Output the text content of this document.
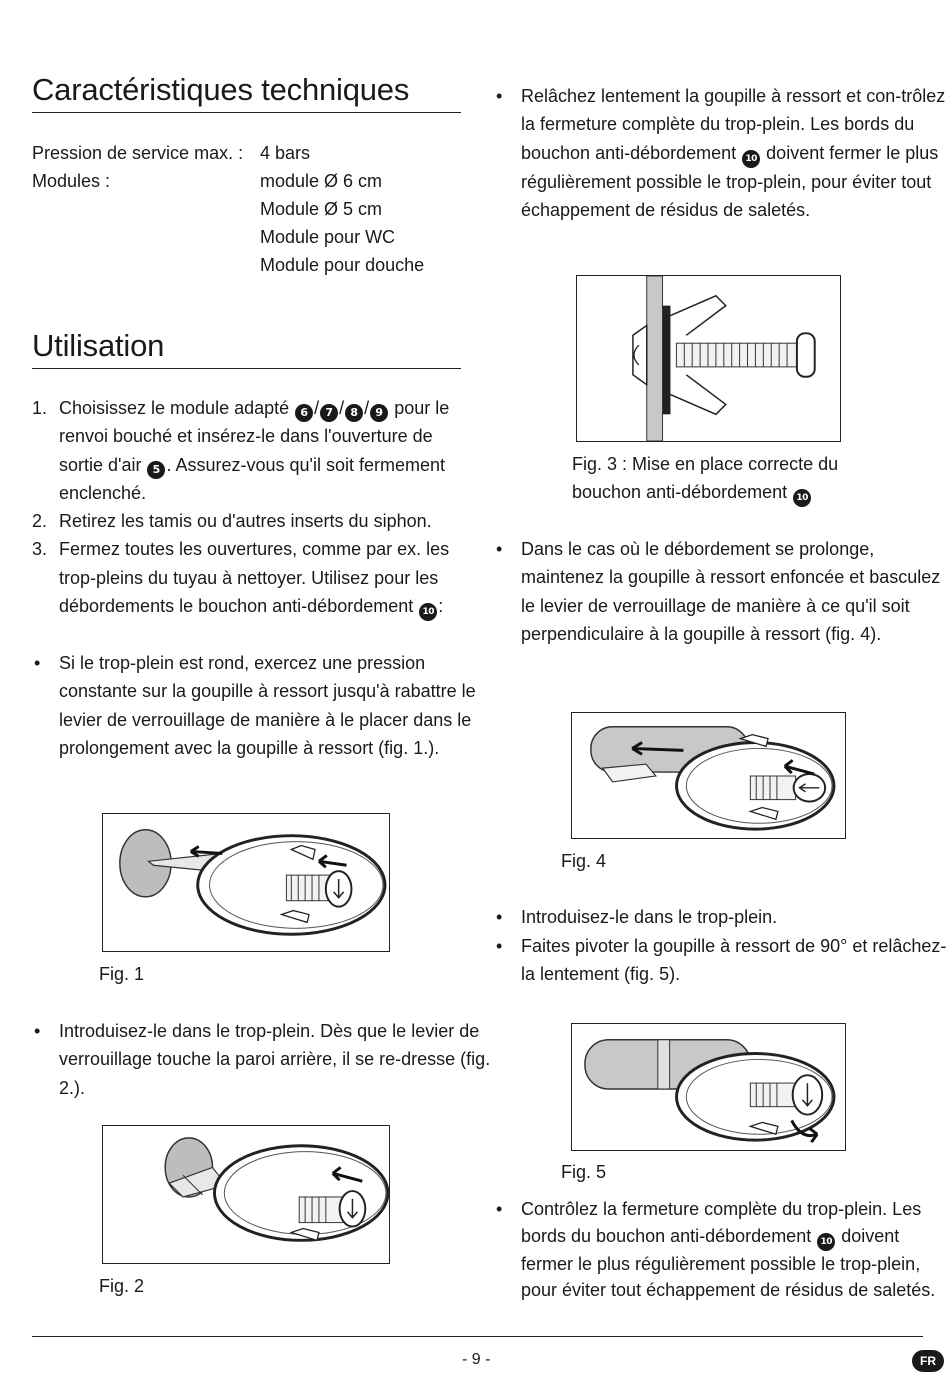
Caractéristiques techniques
Pression de service max. : 4 bars
Modules :	module Ø 6 cm
Module Ø 5 cm
Module pour WC
Module pour douche
Utilisation
1. Choisissez le module adapté 6 / 7 / 8 / 9 pour le renvoi bouché et insérez-le dans l'ouverture de sortie d'air 5 . Assurez-vous qu'il soit fermement enclenché.
2. Retirez les tamis ou d'autres inserts du siphon.
3. Fermez toutes les ouvertures, comme par ex. les trop-pleins du tuyau à nettoyer. Utilisez pour les débordements le bouchon anti-débordement 10 :
• Si le trop-plein est rond, exercez une pression constante sur la goupille à ressort jusqu'à rabattre le levier de verrouillage de manière à le placer dans le prolongement avec la goupille à ressort (fig. 1.).
Fig. 1
• Introduisez-le dans le trop-plein. Dès que le levier de verrouillage touche la paroi arrière, il se re-dresse (fig. 2.).
Fig. 2
• Relâchez lentement la goupille à ressort et con-trôlez la fermeture complète du trop-plein. Les bords du bouchon anti-débordement 10 doivent fermer le plus régulièrement possible le trop-plein, pour éviter tout échappement de résidus de saletés.
Fig. 3 : Mise en place correcte du bouchon anti-débordement 10
• Dans le cas où le débordement se prolonge, maintenez la goupille à ressort enfoncée et basculez le levier de verrouillage de manière à ce qu'il soit perpendiculaire à la goupille à ressort (fig. 4).
Fig. 4
• Introduisez-le dans le trop-plein.
• Faites pivoter la goupille à ressort de 90° et relâchez-la lentement (fig. 5).
Fig. 5
• Contrôlez la fermeture complète du trop-plein. Les bords du bouchon anti-débordement 10 doivent fermer le plus régulièrement possible le trop-plein, pour éviter tout échappement de résidus de saletés.
- 9 -	FR
